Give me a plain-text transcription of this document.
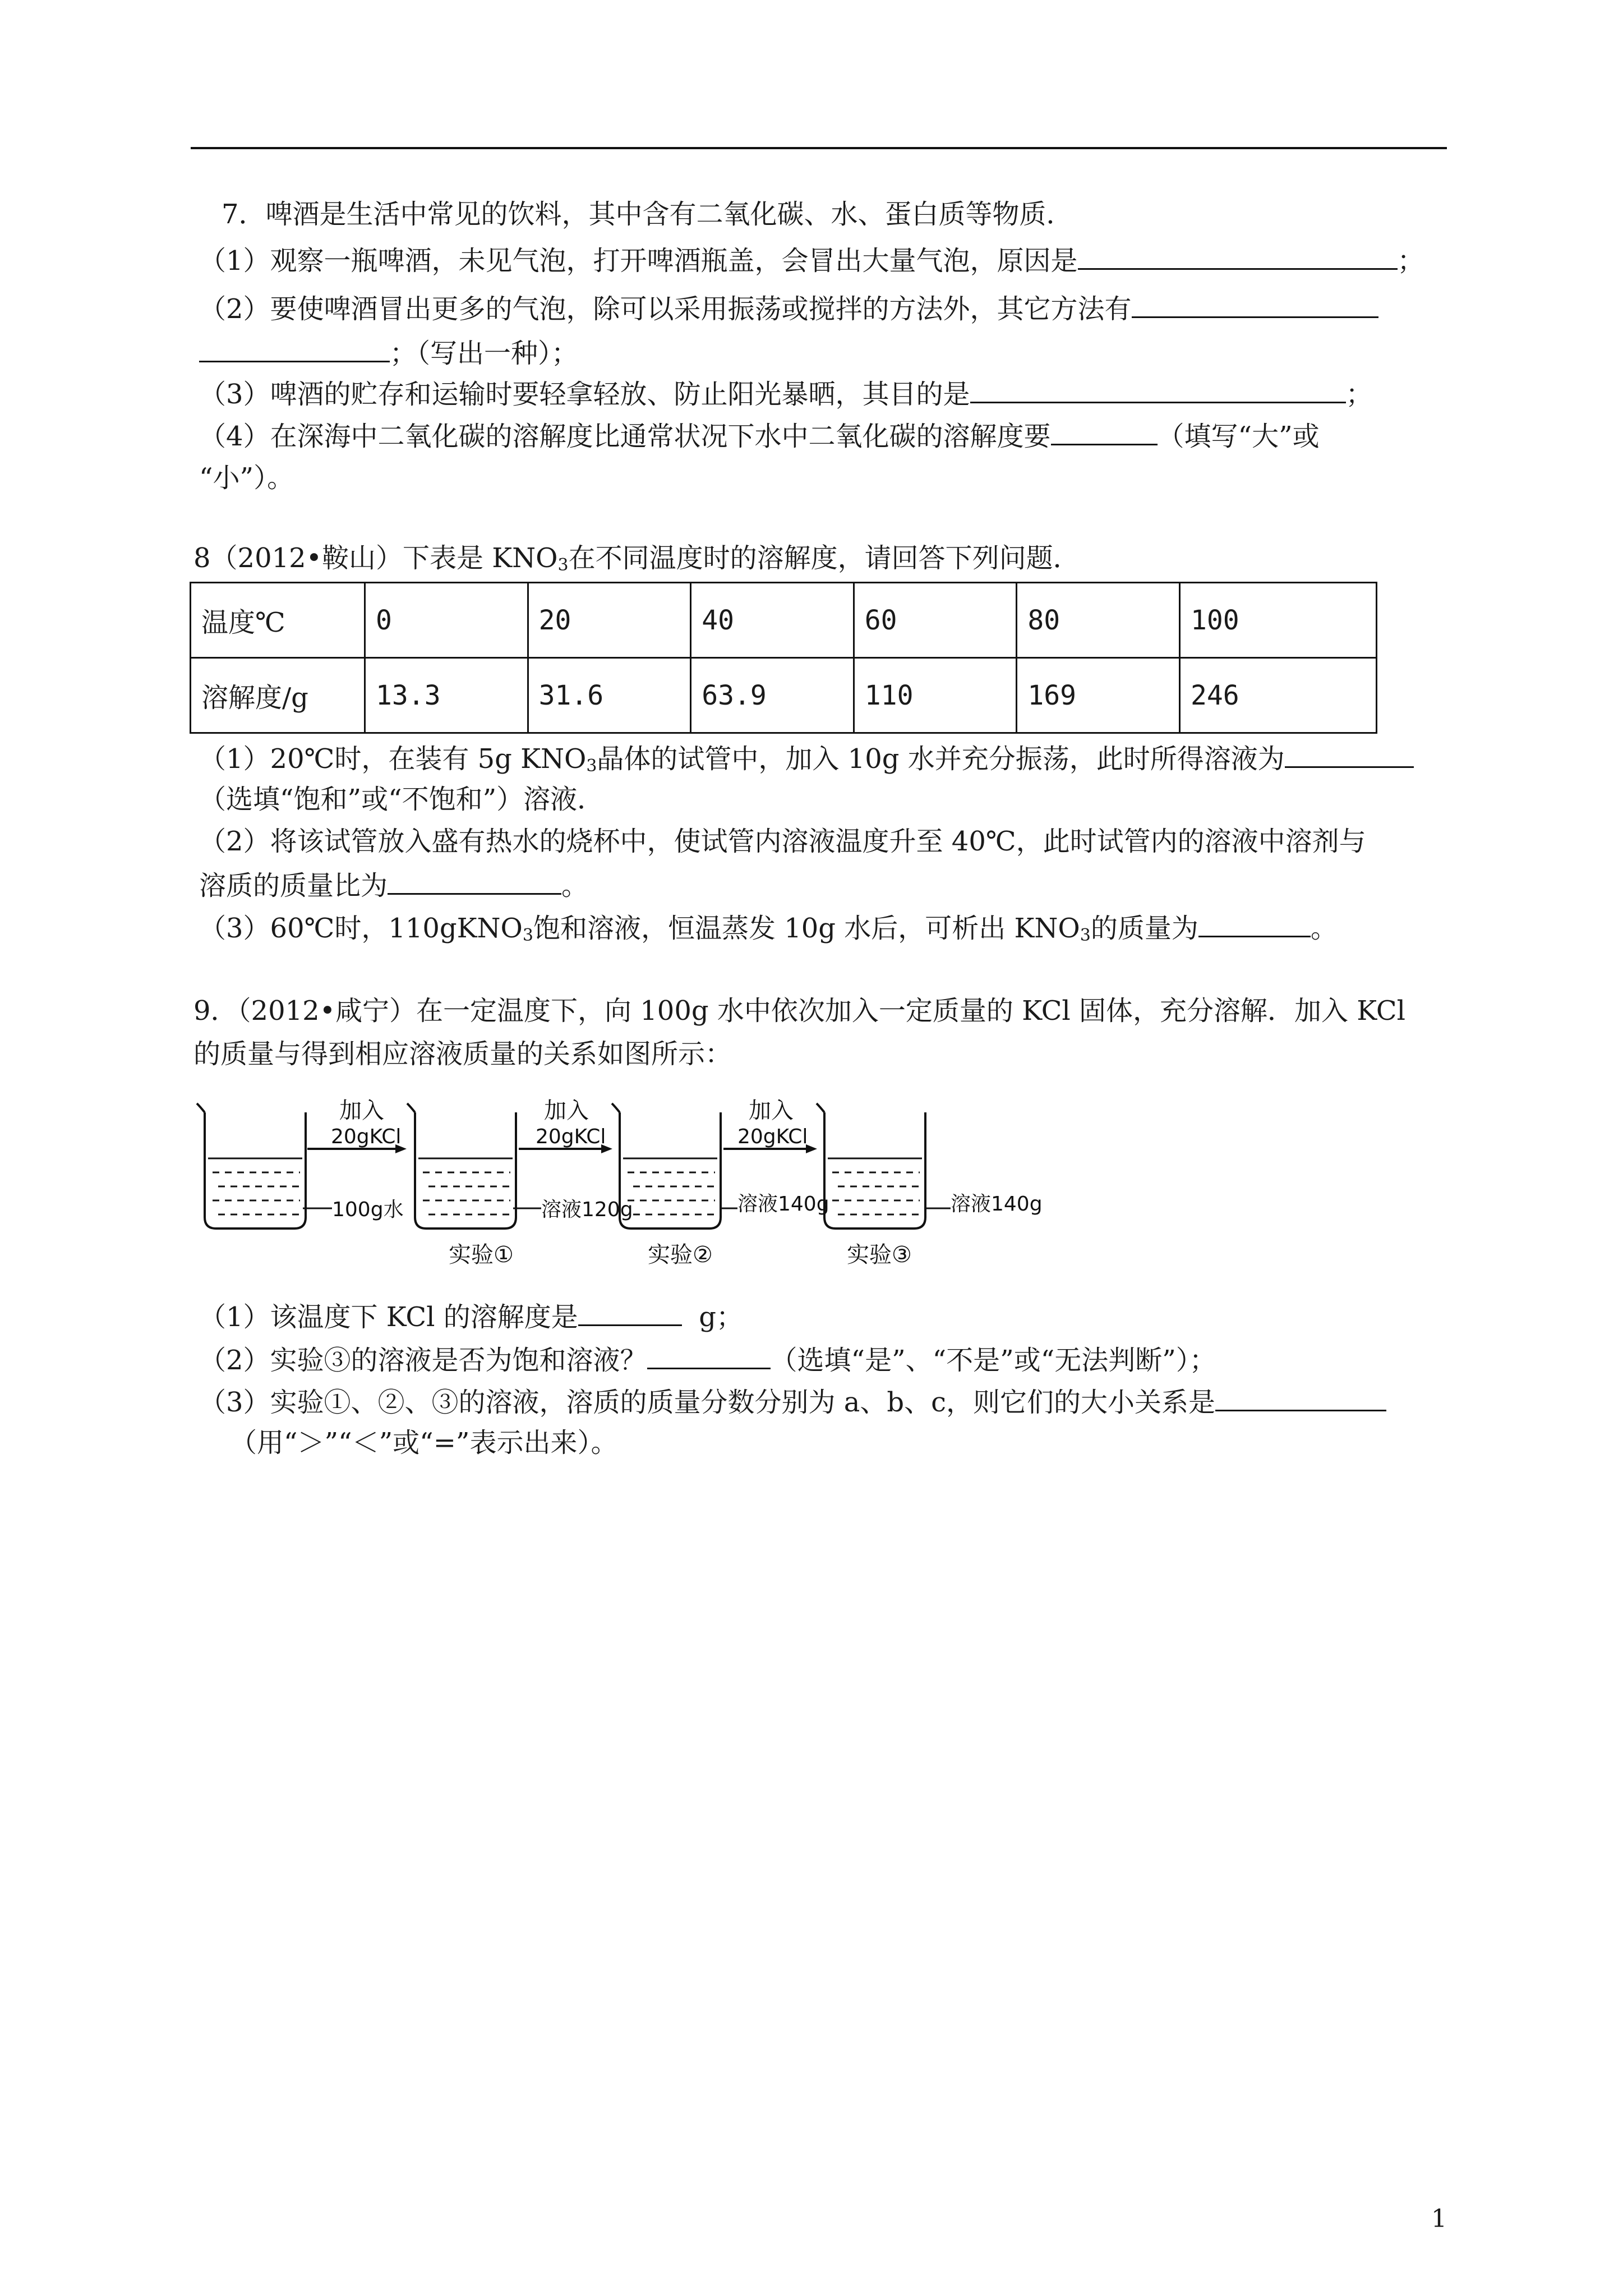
7．啤酒是生活中常见的饮料，其中含有二氧化碳、水、蛋白质等物质．
（1）观察一瓶啤酒，未见气泡，打开啤酒瓶盖，会冒出大量气泡，原因是	；
（2）要使啤酒冒出更多的气泡，除可以采用振荡或搅拌的方法外，其它方法有
；（写出一种）；
（3）啤酒的贮存和运输时要轻拿轻放、防止阳光暴晒，其目的是	；
（4）在深海中二氧化碳的溶解度比通常状况下水中二氧化碳的溶解度要	（填写“大”或
“小”）。
8（2012•鞍山）下表是 $KNO_3$在不同温度时的溶解度，请回答下列问题．
温度℃	0	20	40	60	80	100
溶解度/g	13.3	31.6	63.9	110	169	246
（1）20℃时，在装有 5g $KNO_3$晶体的试管中，加入 10g 水并充分振荡，此时所得溶液为
（选填“饱和”或“不饱和”）溶液．
（2）将该试管放入盛有热水的烧杯中，使试管内溶液温度升至 40℃，此时试管内的溶液中溶剂与
溶质的质量比为	。
（3）60℃时，110gKNO$_3$饱和溶液，恒温蒸发 10g 水后，可析出 $KNO_3$的质量为	。
9．（2012•咸宁）在一定温度下，向 100g 水中依次加入一定质量的 KCl 固体，充分溶解．加入 KCl
的质量与得到相应溶液质量的关系如图所示：
加入
20gKCl
加入
20gKCl
加入
20gKCl
100g水	溶液120g	溶液140g	溶液140g
实验①	实验②	实验③
（1）该温度下 KCl 的溶解度是	g；
（2）实验③的溶液是否为饱和溶液？	（选填“是”、“不是”或“无法判断”）；
（3）实验①、②、③的溶液，溶质的质量分数分别为 a、b、c，则它们的大小关系是
（用“＞”“＜”或“=”表示出来）。
1
